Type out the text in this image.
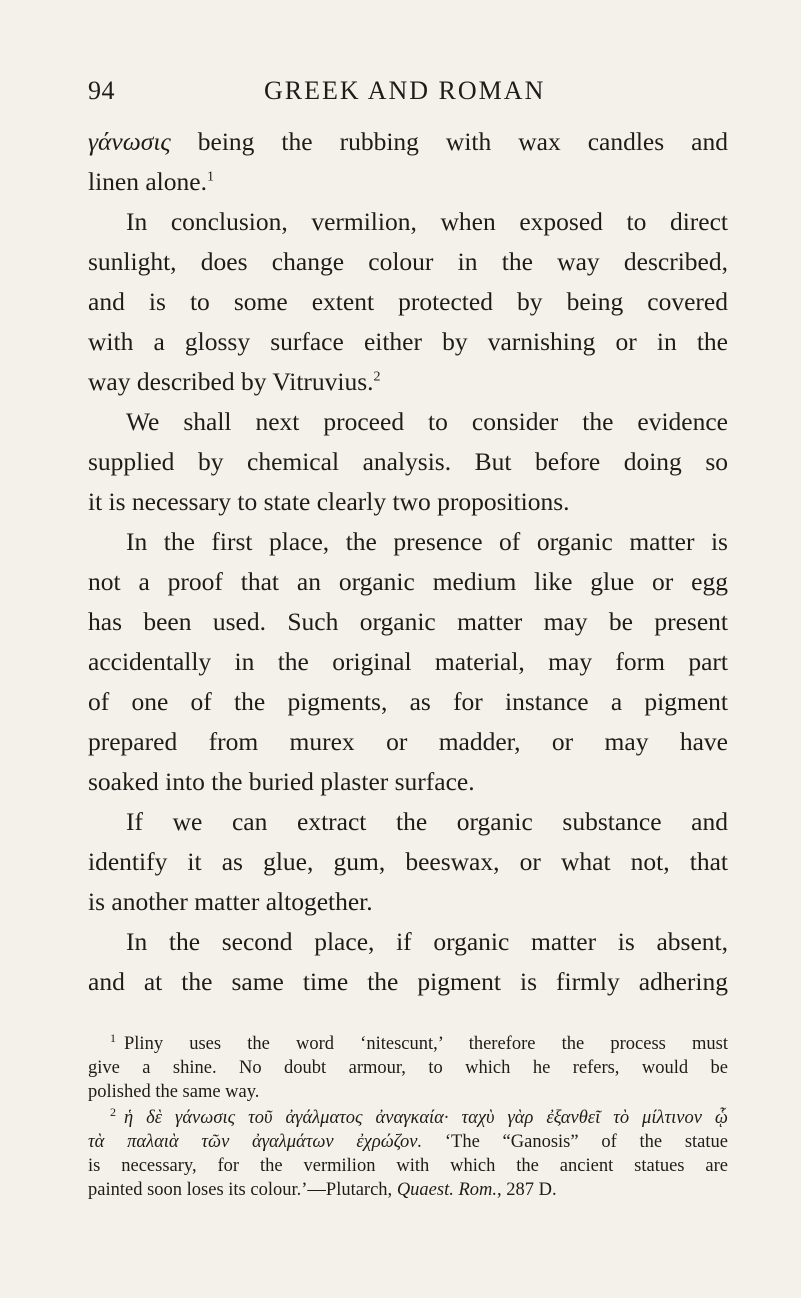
94	GREEK AND ROMAN
γάνωσις being the rubbing with wax candles and
linen alone.$^1$
In conclusion, vermilion, when exposed to direct
sunlight, does change colour in the way described,
and is to some extent protected by being covered
with a glossy surface either by varnishing or in the
way described by Vitruvius.$^2$
We shall next proceed to consider the evidence
supplied by chemical analysis. But before doing so
it is necessary to state clearly two propositions.
In the first place, the presence of organic matter is
not a proof that an organic medium like glue or egg
has been used. Such organic matter may be present
accidentally in the original material, may form part
of one of the pigments, as for instance a pigment
prepared from murex or madder, or may have
soaked into the buried plaster surface.
If we can extract the organic substance and
identify it as glue, gum, beeswax, or what not, that
is another matter altogether.
In the second place, if organic matter is absent,
and at the same time the pigment is firmly adhering
$^1$ Pliny uses the word ‘nitescunt,’ therefore the process must
give a shine. No doubt armour, to which he refers, would be
polished the same way.
$^2$ ἡ δὲ γάνωσις τοῦ ἀγάλματος ἀναγκαία· ταχὺ γὰρ ἐξανθεῖ τὸ μίλτινον ᾧ
τὰ παλαιὰ τῶν ἀγαλμάτων ἐχρώζον. ‘The “Ganosis” of the statue
is necessary, for the vermilion with which the ancient statues are
painted soon loses its colour.’—Plutarch, Quaest. Rom., 287 D.
